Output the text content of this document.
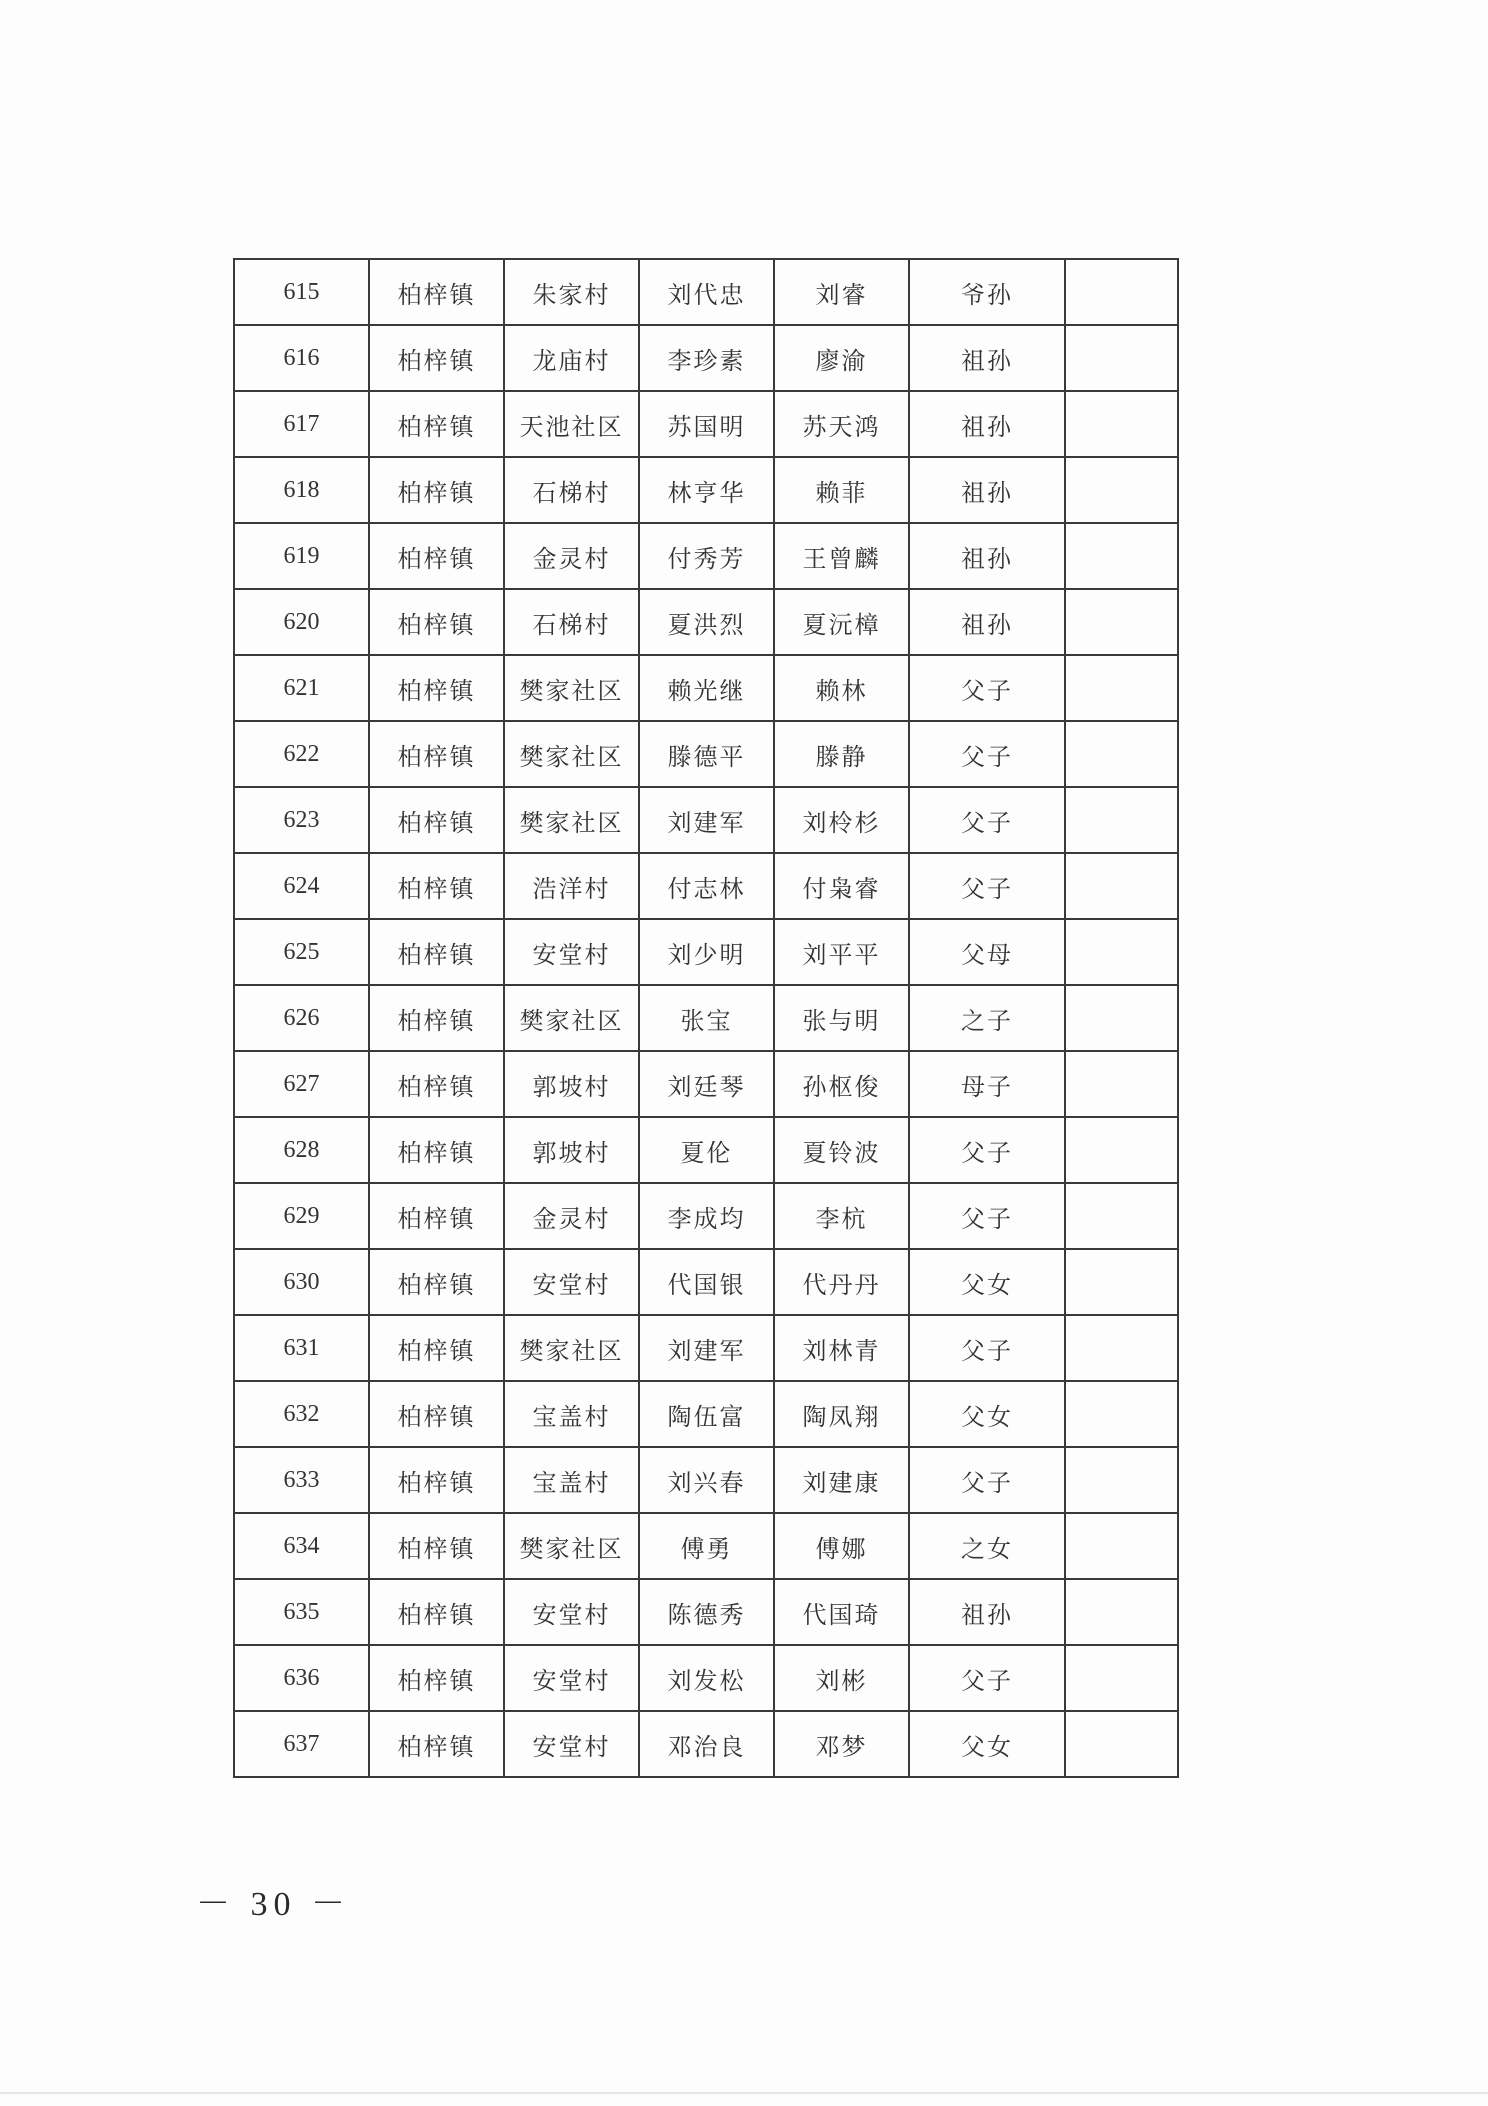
615	柏梓镇	朱家村	刘代忠	刘睿	爷孙	
616	柏梓镇	龙庙村	李珍素	廖渝	祖孙	
617	柏梓镇	天池社区	苏国明	苏天鸿	祖孙	
618	柏梓镇	石梯村	林亨华	赖菲	祖孙	
619	柏梓镇	金灵村	付秀芳	王曾麟	祖孙	
620	柏梓镇	石梯村	夏洪烈	夏沅樟	祖孙	
621	柏梓镇	樊家社区	赖光继	赖林	父子	
622	柏梓镇	樊家社区	滕德平	滕静	父子	
623	柏梓镇	樊家社区	刘建军	刘柃杉	父子	
624	柏梓镇	浩洋村	付志林	付枭睿	父子	
625	柏梓镇	安堂村	刘少明	刘平平	父母	
626	柏梓镇	樊家社区	张宝	张与明	之子	
627	柏梓镇	郭坡村	刘廷琴	孙枢俊	母子	
628	柏梓镇	郭坡村	夏伦	夏铃波	父子	
629	柏梓镇	金灵村	李成均	李杭	父子	
630	柏梓镇	安堂村	代国银	代丹丹	父女	
631	柏梓镇	樊家社区	刘建军	刘林青	父子	
632	柏梓镇	宝盖村	陶伍富	陶凤翔	父女	
633	柏梓镇	宝盖村	刘兴春	刘建康	父子	
634	柏梓镇	樊家社区	傅勇	傅娜	之女	
635	柏梓镇	安堂村	陈德秀	代国琦	祖孙	
636	柏梓镇	安堂村	刘发松	刘彬	父子	
637	柏梓镇	安堂村	邓治良	邓梦	父女	
－ 30 －
